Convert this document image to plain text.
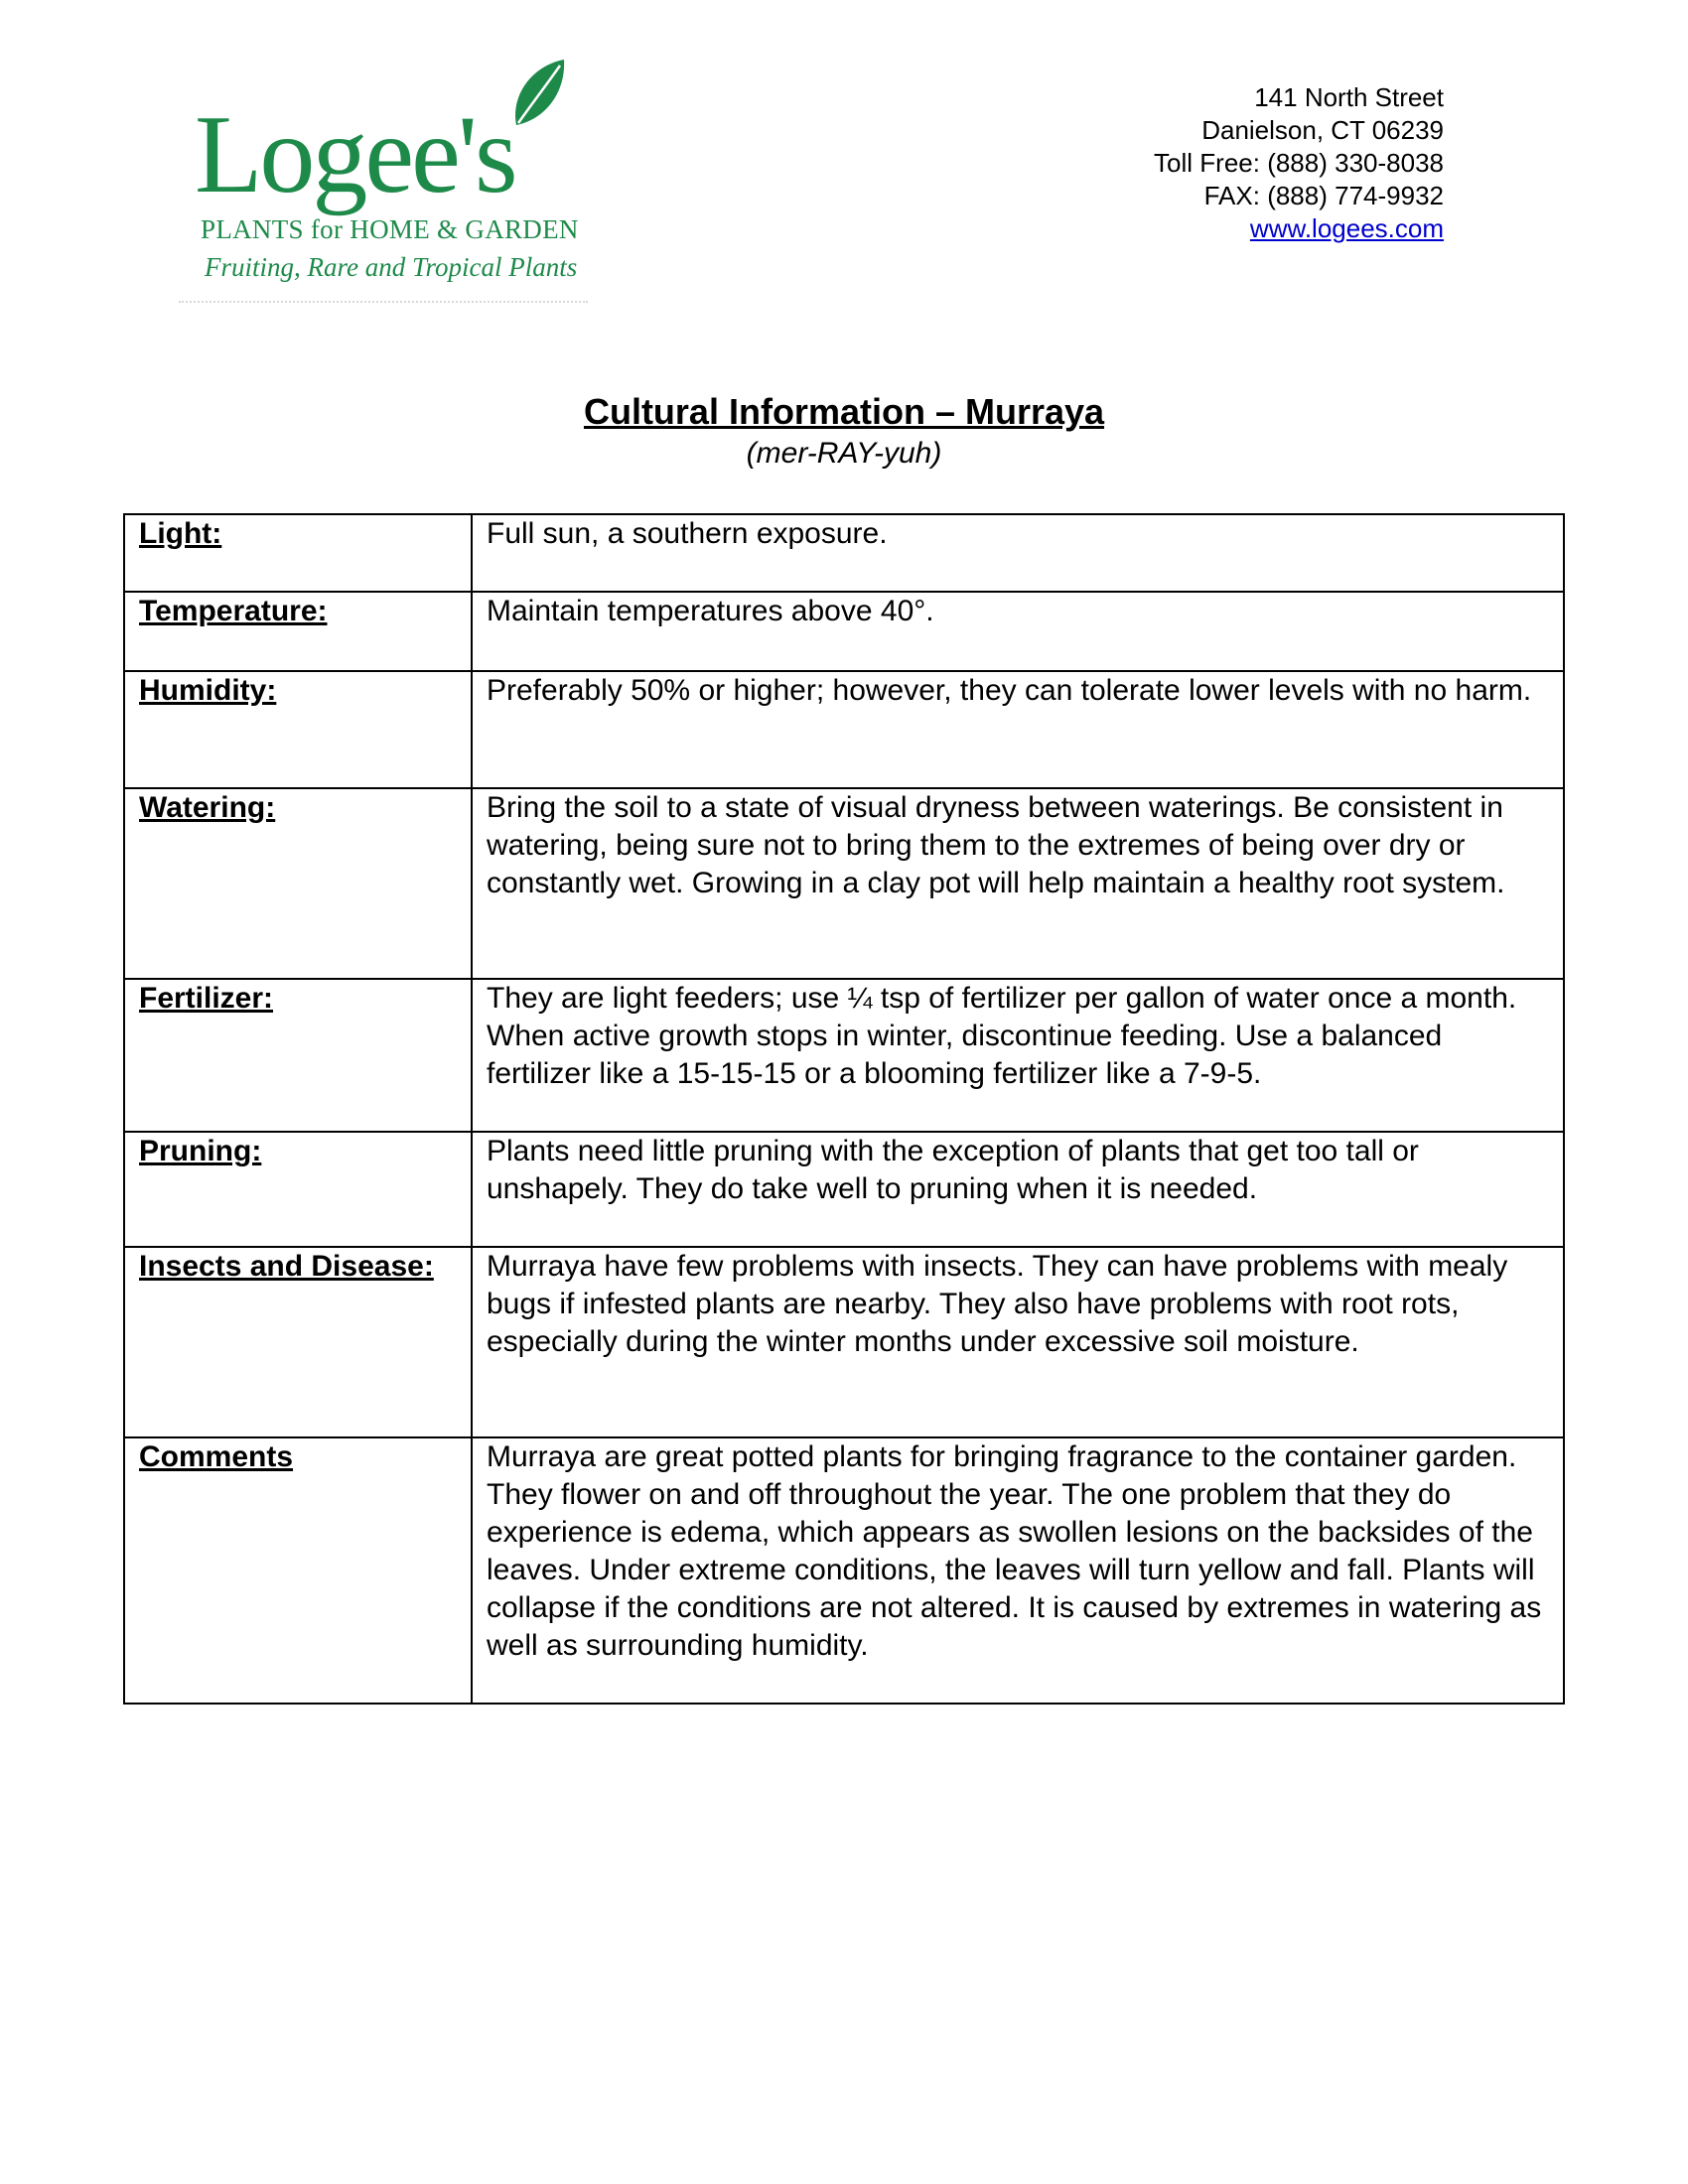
Logee's
PLANTS for HOME & GARDEN
Fruiting, Rare and Tropical Plants
141 North Street
Danielson, CT 06239
Toll Free: (888) 330-8038
FAX: (888) 774-9932
www.logees.com
Cultural Information – Murraya
(mer-RAY-yuh)
Light:	Full sun, a southern exposure.
Temperature:	Maintain temperatures above 40°.
Humidity:	Preferably 50% or higher; however, they can tolerate lower levels with no harm.
Watering:	Bring the soil to a state of visual dryness between waterings. Be consistent in watering, being sure not to bring them to the extremes of being over dry or constantly wet. Growing in a clay pot will help maintain a healthy root system.
Fertilizer:	They are light feeders; use ¼ tsp of fertilizer per gallon of water once a month. When active growth stops in winter, discontinue feeding. Use a balanced fertilizer like a 15-15-15 or a blooming fertilizer like a 7-9-5.
Pruning:	Plants need little pruning with the exception of plants that get too tall or unshapely. They do take well to pruning when it is needed.
Insects and Disease:	Murraya have few problems with insects. They can have problems with mealy bugs if infested plants are nearby. They also have problems with root rots, especially during the winter months under excessive soil moisture.
Comments	Murraya are great potted plants for bringing fragrance to the container garden. They flower on and off throughout the year. The one problem that they do experience is edema, which appears as swollen lesions on the backsides of the leaves. Under extreme conditions, the leaves will turn yellow and fall. Plants will collapse if the conditions are not altered. It is caused by extremes in watering as well as surrounding humidity.
